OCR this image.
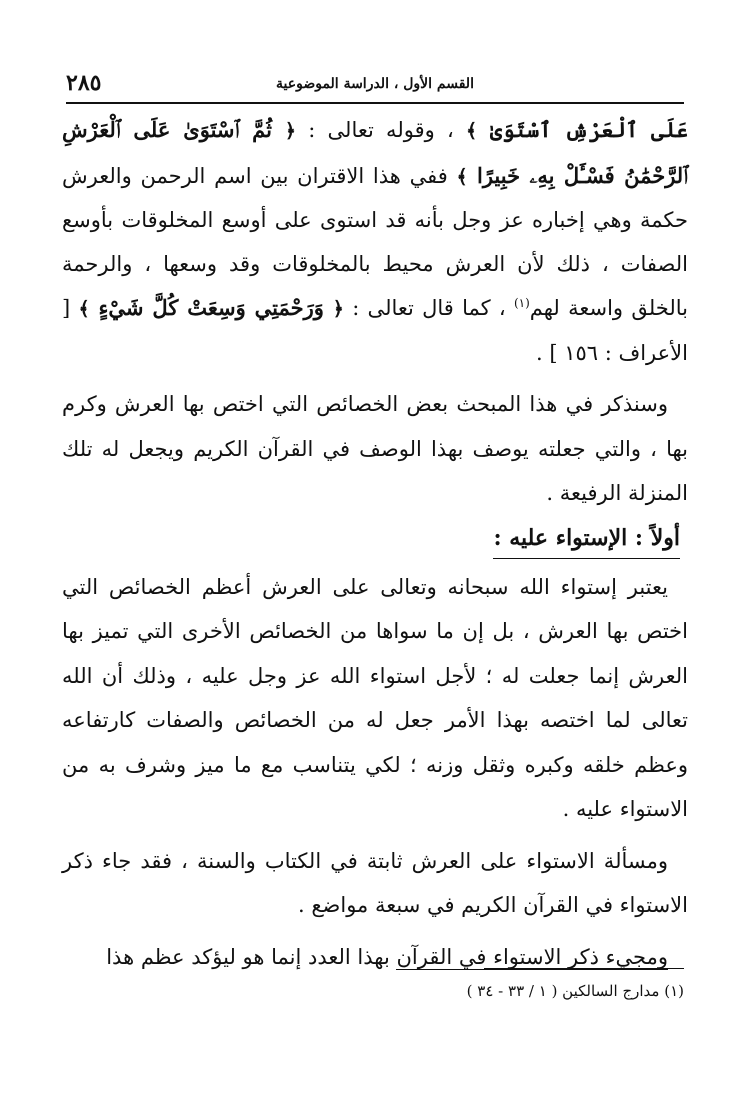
٢٨٥	القسم الأول ، الدراسة الموضوعية

عَلَى ٱلْعَرْشِ ٱسْتَوَىٰ ﴾ ، وقوله تعالى : ﴿ ثُمَّ ٱسْتَوَىٰ عَلَى ٱلْعَرْشِ ٱلرَّحْمَٰنُ فَسْـَٔلْ بِهِۦ خَبِيرًا ﴾ ففي هذا الاقتران بين اسم الرحمن والعرش حكمة وهي إخباره عز وجل بأنه قد استوى على أوسع المخلوقات بأوسع الصفات ، ذلك لأن العرش محيط بالمخلوقات وقد وسعها ، والرحمة بالخلق واسعة لهم$^{(١)}$ ، كما قال تعالى : ﴿ وَرَحْمَتِي وَسِعَتْ كُلَّ شَيْءٍ ﴾ [ الأعراف : ١٥٦ ] .

وسنذكر في هذا المبحث بعض الخصائص التي اختص بها العرش وكرم بها ، والتي جعلته يوصف بهذا الوصف في القرآن الكريم ويجعل له تلك المنزلة الرفيعة .

أولاً : الإستواء عليه :

يعتبر إستواء الله سبحانه وتعالى على العرش أعظم الخصائص التي اختص بها العرش ، بل إن ما سواها من الخصائص الأخرى التي تميز بها العرش إنما جعلت له ؛ لأجل استواء الله عز وجل عليه ، وذلك أن الله تعالى لما اختصه بهذا الأمر جعل له من الخصائص والصفات كارتفاعه وعظم خلقه وكبره وثقل وزنه ؛ لكي يتناسب مع ما ميز وشرف به من الاستواء عليه .

ومسألة الاستواء على العرش ثابتة في الكتاب والسنة ، فقد جاء ذكر الاستواء في القرآن الكريم في سبعة مواضع .

ومجيء ذكر الاستواء في القرآن بهذا العدد إنما هو ليؤكد عظم هذا

(١) مدارج السالكين ( ١ / ٣٣ - ٣٤ )
